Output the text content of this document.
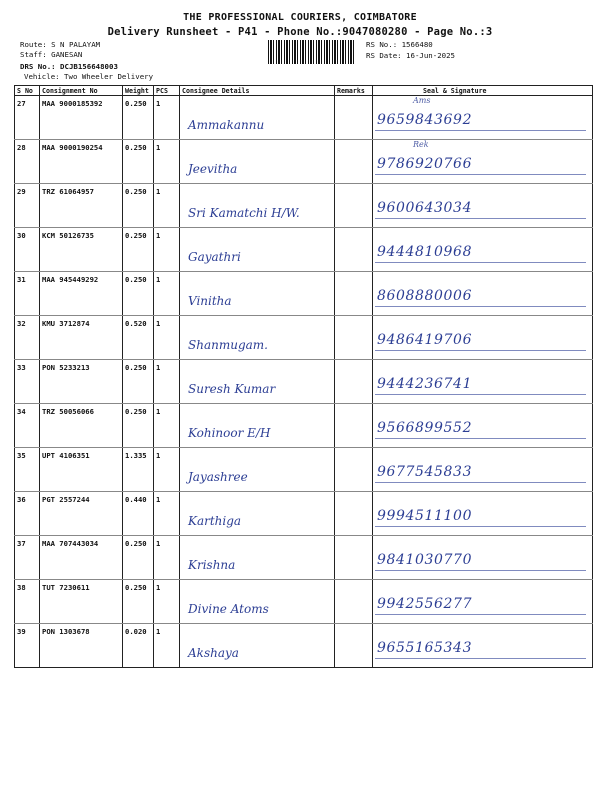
THE PROFESSIONAL COURIERS, COIMBATORE
Delivery Runsheet - P41 - Phone No.:9047080280 - Page No.:3
Route: S N PALAYAM
Staff: GANESAN
DRS No.: DCJB156648003
Vehicle: Two Wheeler Delivery
RS No.: 1566480
RS Date: 16-Jun-2025
S No	Consignment No	Weight	PCS	Consignee Details	Remarks	Seal & Signature
27	MAA 9000185392	0.250	1	Ammakannu		Ams
9659843692

28	MAA 9000190254	0.250	1	Jeevitha		Rek
9786920766

29	TRZ 61064957	0.250	1	Sri Kamatchi H/W.		9600643034

30	KCM 50126735	0.250	1	Gayathri		9444810968

31	MAA 945449292	0.250	1	Vinitha		8608880006

32	KMU 3712874	0.520	1	Shanmugam.		9486419706

33	PON 5233213	0.250	1	Suresh Kumar		9444236741

34	TRZ 50056066	0.250	1	Kohinoor E/H		9566899552

35	UPT 4106351	1.335	1	Jayashree		9677545833

36	PGT 2557244	0.440	1	Karthiga		9994511100

37	MAA 707443034	0.250	1	Krishna		9841030770

38	TUT 7230611	0.250	1	Divine Atoms		9942556277

39	PON 1303678	0.020	1	Akshaya		9655165343
